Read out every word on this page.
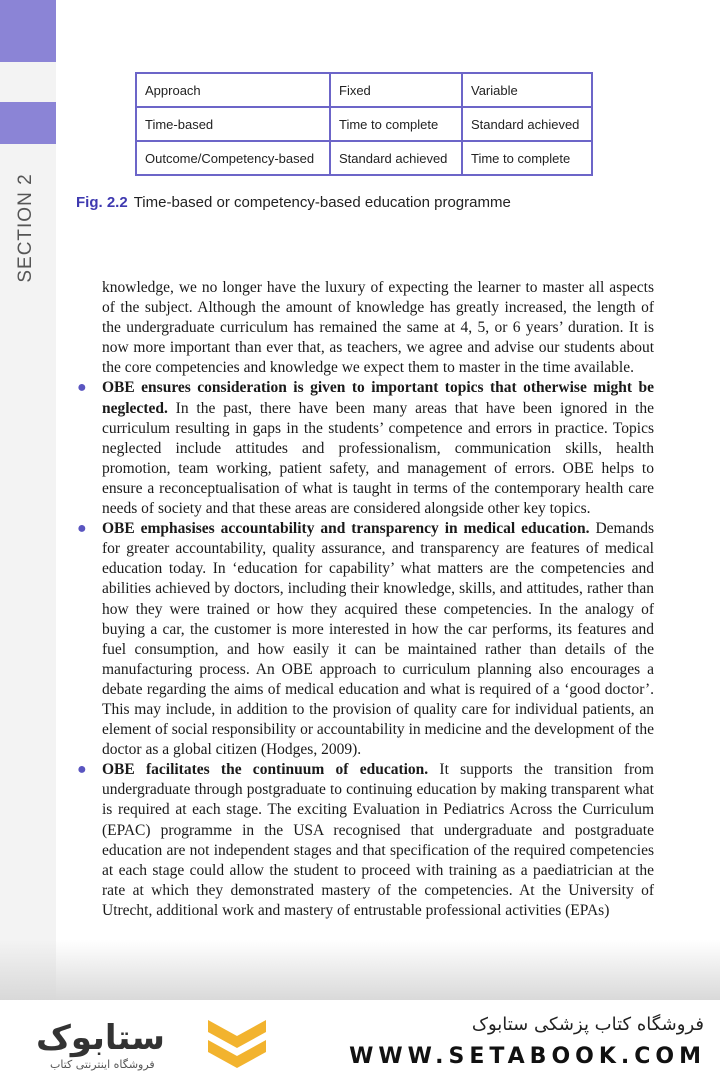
SECTION 2
Approach	Fixed	Variable
Time-based	Time to complete	Standard achieved
Outcome/Competency-based	Standard achieved	Time to complete
Fig. 2.2 Time-based or competency-based education programme

knowledge, we no longer have the luxury of expecting the learner to master all aspects of the subject. Although the amount of knowledge has greatly increased, the length of the undergraduate curriculum has remained the same at 4, 5, or 6 years’ duration. It is now more important than ever that, as teachers, we agree and advise our students about the core competencies and knowledge we expect them to master in the time available.

● OBE ensures consideration is given to important topics that otherwise might be neglected. In the past, there have been many areas that have been ignored in the curriculum resulting in gaps in the students’ competence and errors in practice. Topics neglected include attitudes and professionalism, communication skills, health promotion, team working, patient safety, and management of errors. OBE helps to ensure a reconceptualisation of what is taught in terms of the contemporary health care needs of society and that these areas are considered alongside other key topics.

● OBE emphasises accountability and transparency in medical education. Demands for greater accountability, quality assurance, and transparency are features of medical education today. In ‘education for capability’ what matters are the competencies and abilities achieved by doctors, including their knowledge, skills, and attitudes, rather than how they were trained or how they acquired these competencies. In the analogy of buying a car, the customer is more interested in how the car performs, its features and fuel consumption, and how easily it can be maintained rather than details of the manufacturing process. An OBE approach to curriculum planning also encourages a debate regarding the aims of medical education and what is required of a ‘good doctor’. This may include, in addition to the provision of quality care for individual patients, an element of social responsibility or accountability in medicine and the development of the doctor as a global citizen (Hodges, 2009).

● OBE facilitates the continuum of education. It supports the transition from undergraduate through postgraduate to continuing education by making transparent what is required at each stage. The exciting Evaluation in Pediatrics Across the Curriculum (EPAC) programme in the USA recognised that undergraduate and postgraduate education are not independent stages and that specification of the required competencies at each stage could allow the student to proceed with training as a paediatrician at the rate at which they demonstrated mastery of the competencies. At the University of Utrecht, additional work and mastery of entrustable professional activities (EPAs)

ستابوک
فروشگاه اینترنتی کتاب
فروشگاه کتاب پزشکی ستابوک
WWW.SETABOOK.COM
